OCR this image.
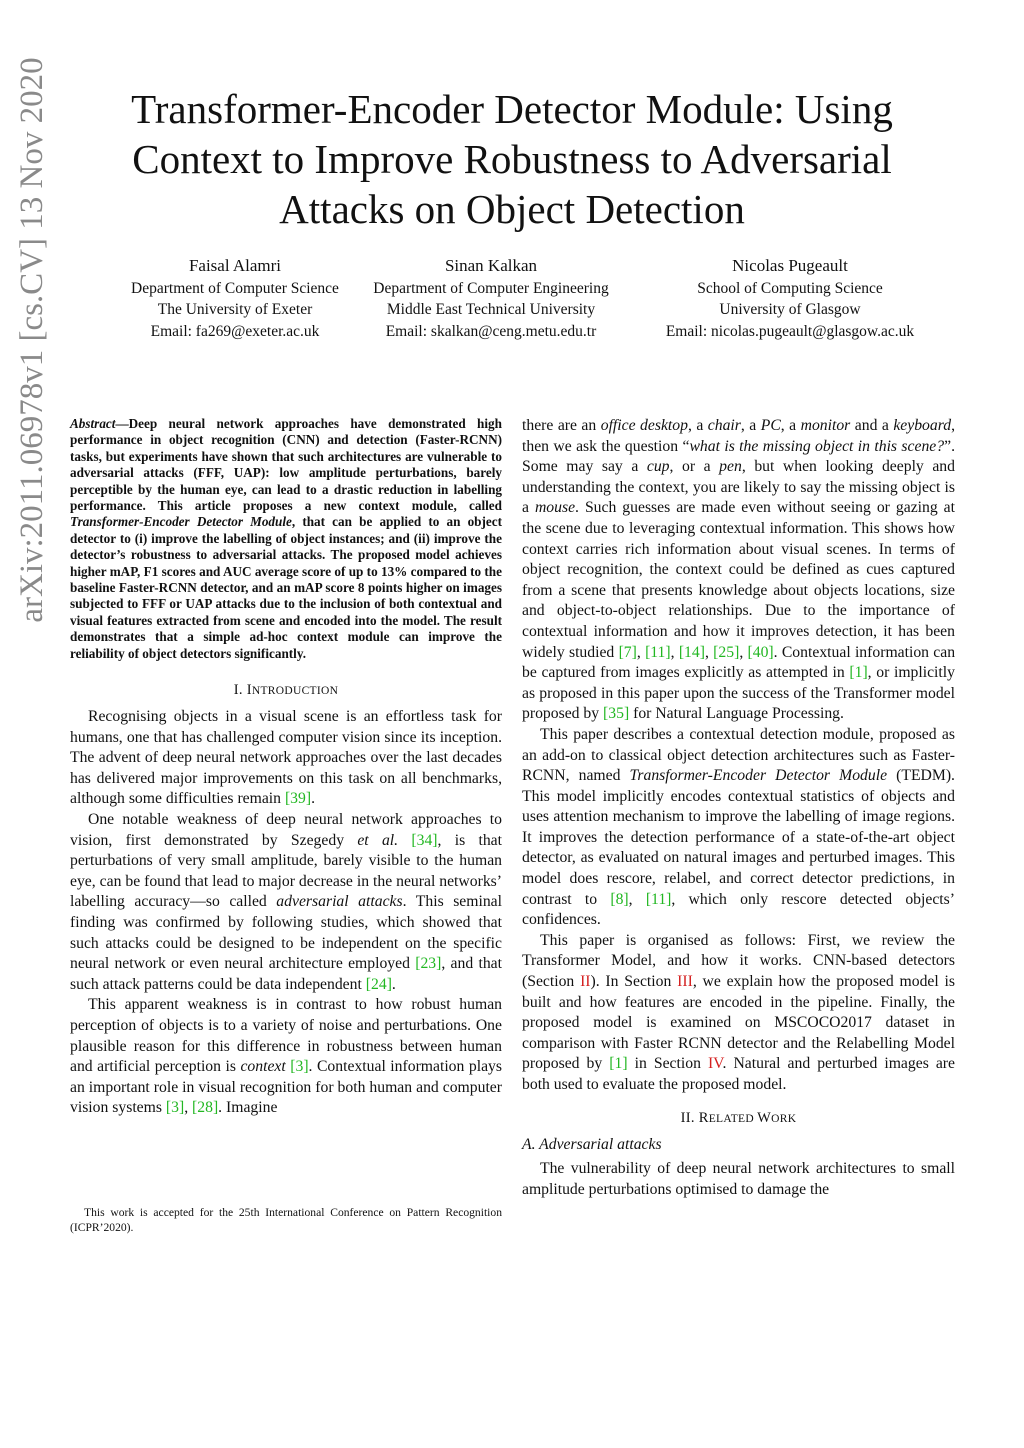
Transformer-Encoder Detector Module: Using
Context to Improve Robustness to Adversarial
Attacks on Object Detection
Faisal Alamri
Department of Computer Science
The University of Exeter
Email: fa269@exeter.ac.uk
Sinan Kalkan
Department of Computer Engineering
Middle East Technical University
Email: skalkan@ceng.metu.edu.tr
Nicolas Pugeault
School of Computing Science
University of Glasgow
Email: nicolas.pugeault@glasgow.ac.uk
arXiv:2011.06978v1 [cs.CV] 13 Nov 2020	Abstract—Deep neural network approaches have demonstrated high performance in object recognition (CNN) and detection (Faster-RCNN) tasks, but experiments have shown that such architectures are vulnerable to adversarial attacks (FFF, UAP): low amplitude perturbations, barely perceptible by the human eye, can lead to a drastic reduction in labelling performance. This article proposes a new context module, called Transformer-Encoder Detector Module, that can be applied to an object detector to (i) improve the labelling of object instances; and (ii) improve the detector’s robustness to adversarial attacks. The proposed model achieves higher mAP, F1 scores and AUC average score of up to 13% compared to the baseline Faster-RCNN detector, and an mAP score 8 points higher on images subjected to FFF or UAP attacks due to the inclusion of both contextual and visual features extracted from scene and encoded into the model. The result demonstrates that a simple ad-hoc context module can improve the reliability of object detectors significantly.

I. INTRODUCTION

Recognising objects in a visual scene is an effortless task for humans, one that has challenged computer vision since its inception. The advent of deep neural network approaches over the last decades has delivered major improvements on this task on all benchmarks, although some difficulties remain [39].

One notable weakness of deep neural network approaches to vision, first demonstrated by Szegedy et al. [34], is that perturbations of very small amplitude, barely visible to the human eye, can be found that lead to major decrease in the neural networks’ labelling accuracy—so called adversarial attacks. This seminal finding was confirmed by following studies, which showed that such attacks could be designed to be independent on the specific neural network or even neural architecture employed [23], and that such attack patterns could be data independent [24].

This apparent weakness is in contrast to how robust human perception of objects is to a variety of noise and perturbations. One plausible reason for this difference in robustness between human and artificial perception is context [3]. Contextual information plays an important role in visual recognition for both human and computer vision systems [3], [28]. Imagine

This work is accepted for the 25th International Conference on Pattern Recognition (ICPR’2020).

there are an office desktop, a chair, a PC, a monitor and a keyboard, then we ask the question “what is the missing object in this scene?”. Some may say a cup, or a pen, but when looking deeply and understanding the context, you are likely to say the missing object is a mouse. Such guesses are made even without seeing or gazing at the scene due to leveraging contextual information. This shows how context carries rich information about visual scenes. In terms of object recognition, the context could be defined as cues captured from a scene that presents knowledge about objects locations, size and object-to-object relationships. Due to the importance of contextual information and how it improves detection, it has been widely studied [7], [11], [14], [25], [40]. Contextual information can be captured from images explicitly as attempted in [1], or implicitly as proposed in this paper upon the success of the Transformer model proposed by [35] for Natural Language Processing.

This paper describes a contextual detection module, proposed as an add-on to classical object detection architectures such as Faster-RCNN, named Transformer-Encoder Detector Module (TEDM). This model implicitly encodes contextual statistics of objects and uses attention mechanism to improve the labelling of image regions. It improves the detection performance of a state-of-the-art object detector, as evaluated on natural images and perturbed images. This model does rescore, relabel, and correct detector predictions, in contrast to [8], [11], which only rescore detected objects’ confidences.

This paper is organised as follows: First, we review the Transformer Model, and how it works. CNN-based detectors (Section II). In Section III, we explain how the proposed model is built and how features are encoded in the pipeline. Finally, the proposed model is examined on MSCOCO2017 dataset in comparison with Faster RCNN detector and the Relabelling Model proposed by [1] in Section IV. Natural and perturbed images are both used to evaluate the proposed model.

II. RELATED WORK
A. Adversarial attacks

The vulnerability of deep neural network architectures to small amplitude perturbations optimised to damage the
